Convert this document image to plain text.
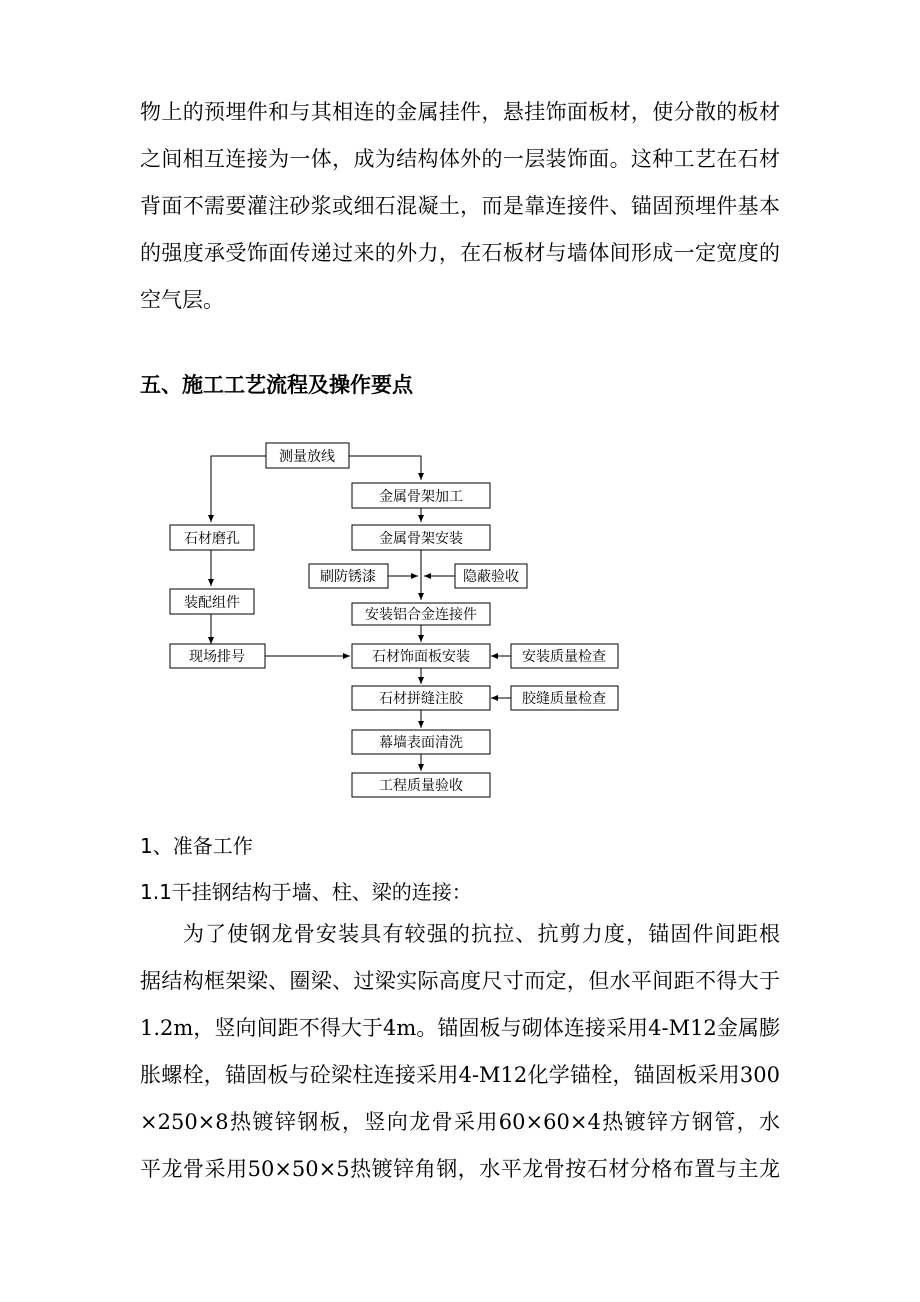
物上的预埋件和与其相连的金属挂件，悬挂饰面板材，使分散的板材
之间相互连接为一体，成为结构体外的一层装饰面。这种工艺在石材
背面不需要灌注砂浆或细石混凝土，而是靠连接件、锚固预埋件基本
的强度承受饰面传递过来的外力，在石板材与墙体间形成一定宽度的
空气层。
五、施工工艺流程及操作要点
测量放线
金属骨架加工
金属骨架安装
刷防锈漆	隐蔽验收
安装铝合金连接件
石材磨孔
装配组件
现场排号	石材饰面板安装	安装质量检查
石材拼缝注胶	胶缝质量检查
幕墙表面清洗
工程质量验收
1、准备工作
1.1干挂钢结构于墙、柱、梁的连接：
为了使钢龙骨安装具有较强的抗拉、抗剪力度，锚固件间距根
据结构框架梁、圈梁、过梁实际高度尺寸而定，但水平间距不得大于
1.2m，竖向间距不得大于4m。锚固板与砌体连接采用4-M12金属膨
胀螺栓，锚固板与砼梁柱连接采用4-M12化学锚栓，锚固板采用300
×250×8热镀锌钢板，竖向龙骨采用60×60×4热镀锌方钢管，水
平龙骨采用50×50×5热镀锌角钢，水平龙骨按石材分格布置与主龙
